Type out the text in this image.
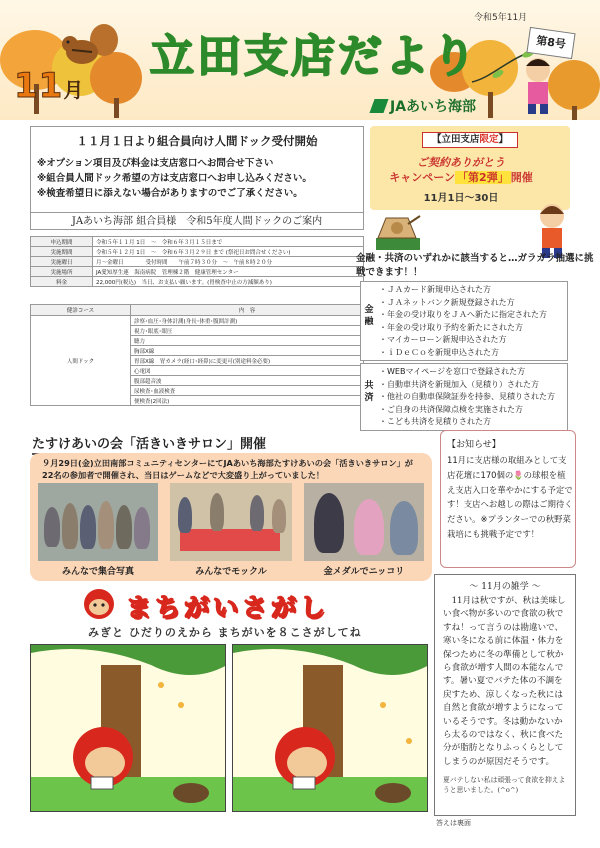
11月
立田支店だより
令和5年11月
第8号
JAあいち海部
１１月１日より組合員向け人間ドック受付開始
※オプション項目及び料金は支店窓口へお問合せ下さい
※組合員人間ドック希望の方は支店窓口へお申し込みください。
※検査希望日に添えない場合がありますのでご了承ください。
JAあいち海部 組合員様　令和5年度人間ドックのご案内
申込期間	令和５年１１月 1日　～　令和６年３月１５日まで
実施期間	令和５年１２月 1日　～　令和６年３月２９日 まで (祭祀日お問合せください)
実施曜日	月～金曜日　　　　受付時間　　午前７時３０分　～　午前８時２０分
実施場所	JA愛知厚生連　海南病院　管理棟２階　健康管理センター
料金	22,000円(税込)　当日、お支払い願います。(胃検査中止の方減額あり)
健診コース	内　容
人間ドック	診察･血圧･身体計測(身長･体重･腹囲計測)
	視力･眼底･眼圧
	聴力
	胸部X線
	胃部X線　胃カメラ(経口･経鼻)に変更可(別途料金必要)
	心電図
	腹部超音波
	尿検査･血液検査
	便検査(2回法)
【立田支店限定】
ご契約ありがとう
キャンペーン 「第2弾」 開催
11月1日～30日
金融・共済のいずれかに該当すると…ガラガラ抽選に挑戦できます！！
金融
・ ＪＡカード新規申込された方
・ ＪＡネットバンク新規登録された方
・ 年金の受け取りをＪＡへ新たに指定された方
・ 年金の受け取り予約を新たにされた方
・ マイカーローン新規申込された方
・ ｉＤｅＣｏを新規申込された方
共済
・ WEBマイページを窓口で登録された方
・ 自動車共済を新規加入（見積り）された方
・ 他社の自動車保険証券を持参、見積りされた方
・ ご自身の共済保障点検を実施された方
・ こども共済を見積りされた方
たすけあいの会「活きいきサロン」開催
９月29日(金)立田南部コミュニティセンターにてJAあいち海部たすけあいの会「活きいきサロン」が22名の参加者で開催され、当日はゲームなどで大変盛り上がっていました！
みんなで集合写真	みんなでモックル	金メダルでニッコリ
【お知らせ】
11月に支店様の取組みとして支店花壇に170個の🌷の球根を植え支店入口を華やかにする予定です！支店へお越しの際はご期待ください。※プランターでの秋野菜栽培にも挑戦予定です！
～ 11月の雑学 ～
11月は秋ですが、秋は美味しい食べ物が多いので食欲の秋ですね！って言うのは勘違いで、寒い冬になる前に体温・体力を保つために冬の準備として秋から食欲が増す人間の本能なんです。暑い夏でバテた体の不調を戻すため、涼しくなった秋には自然と食欲が増すようになっているそうです。冬は動かないから太るのではなく、秋に食べた分が脂肪となりふっくらとしてしまうのが原因だそうです。
夏バテしない私は頑張って食欲を抑えようと思いました。(^o^)
まちがいさがし
みぎと ひだりのえから まちがいを８こさがしてね
答えは裏面
